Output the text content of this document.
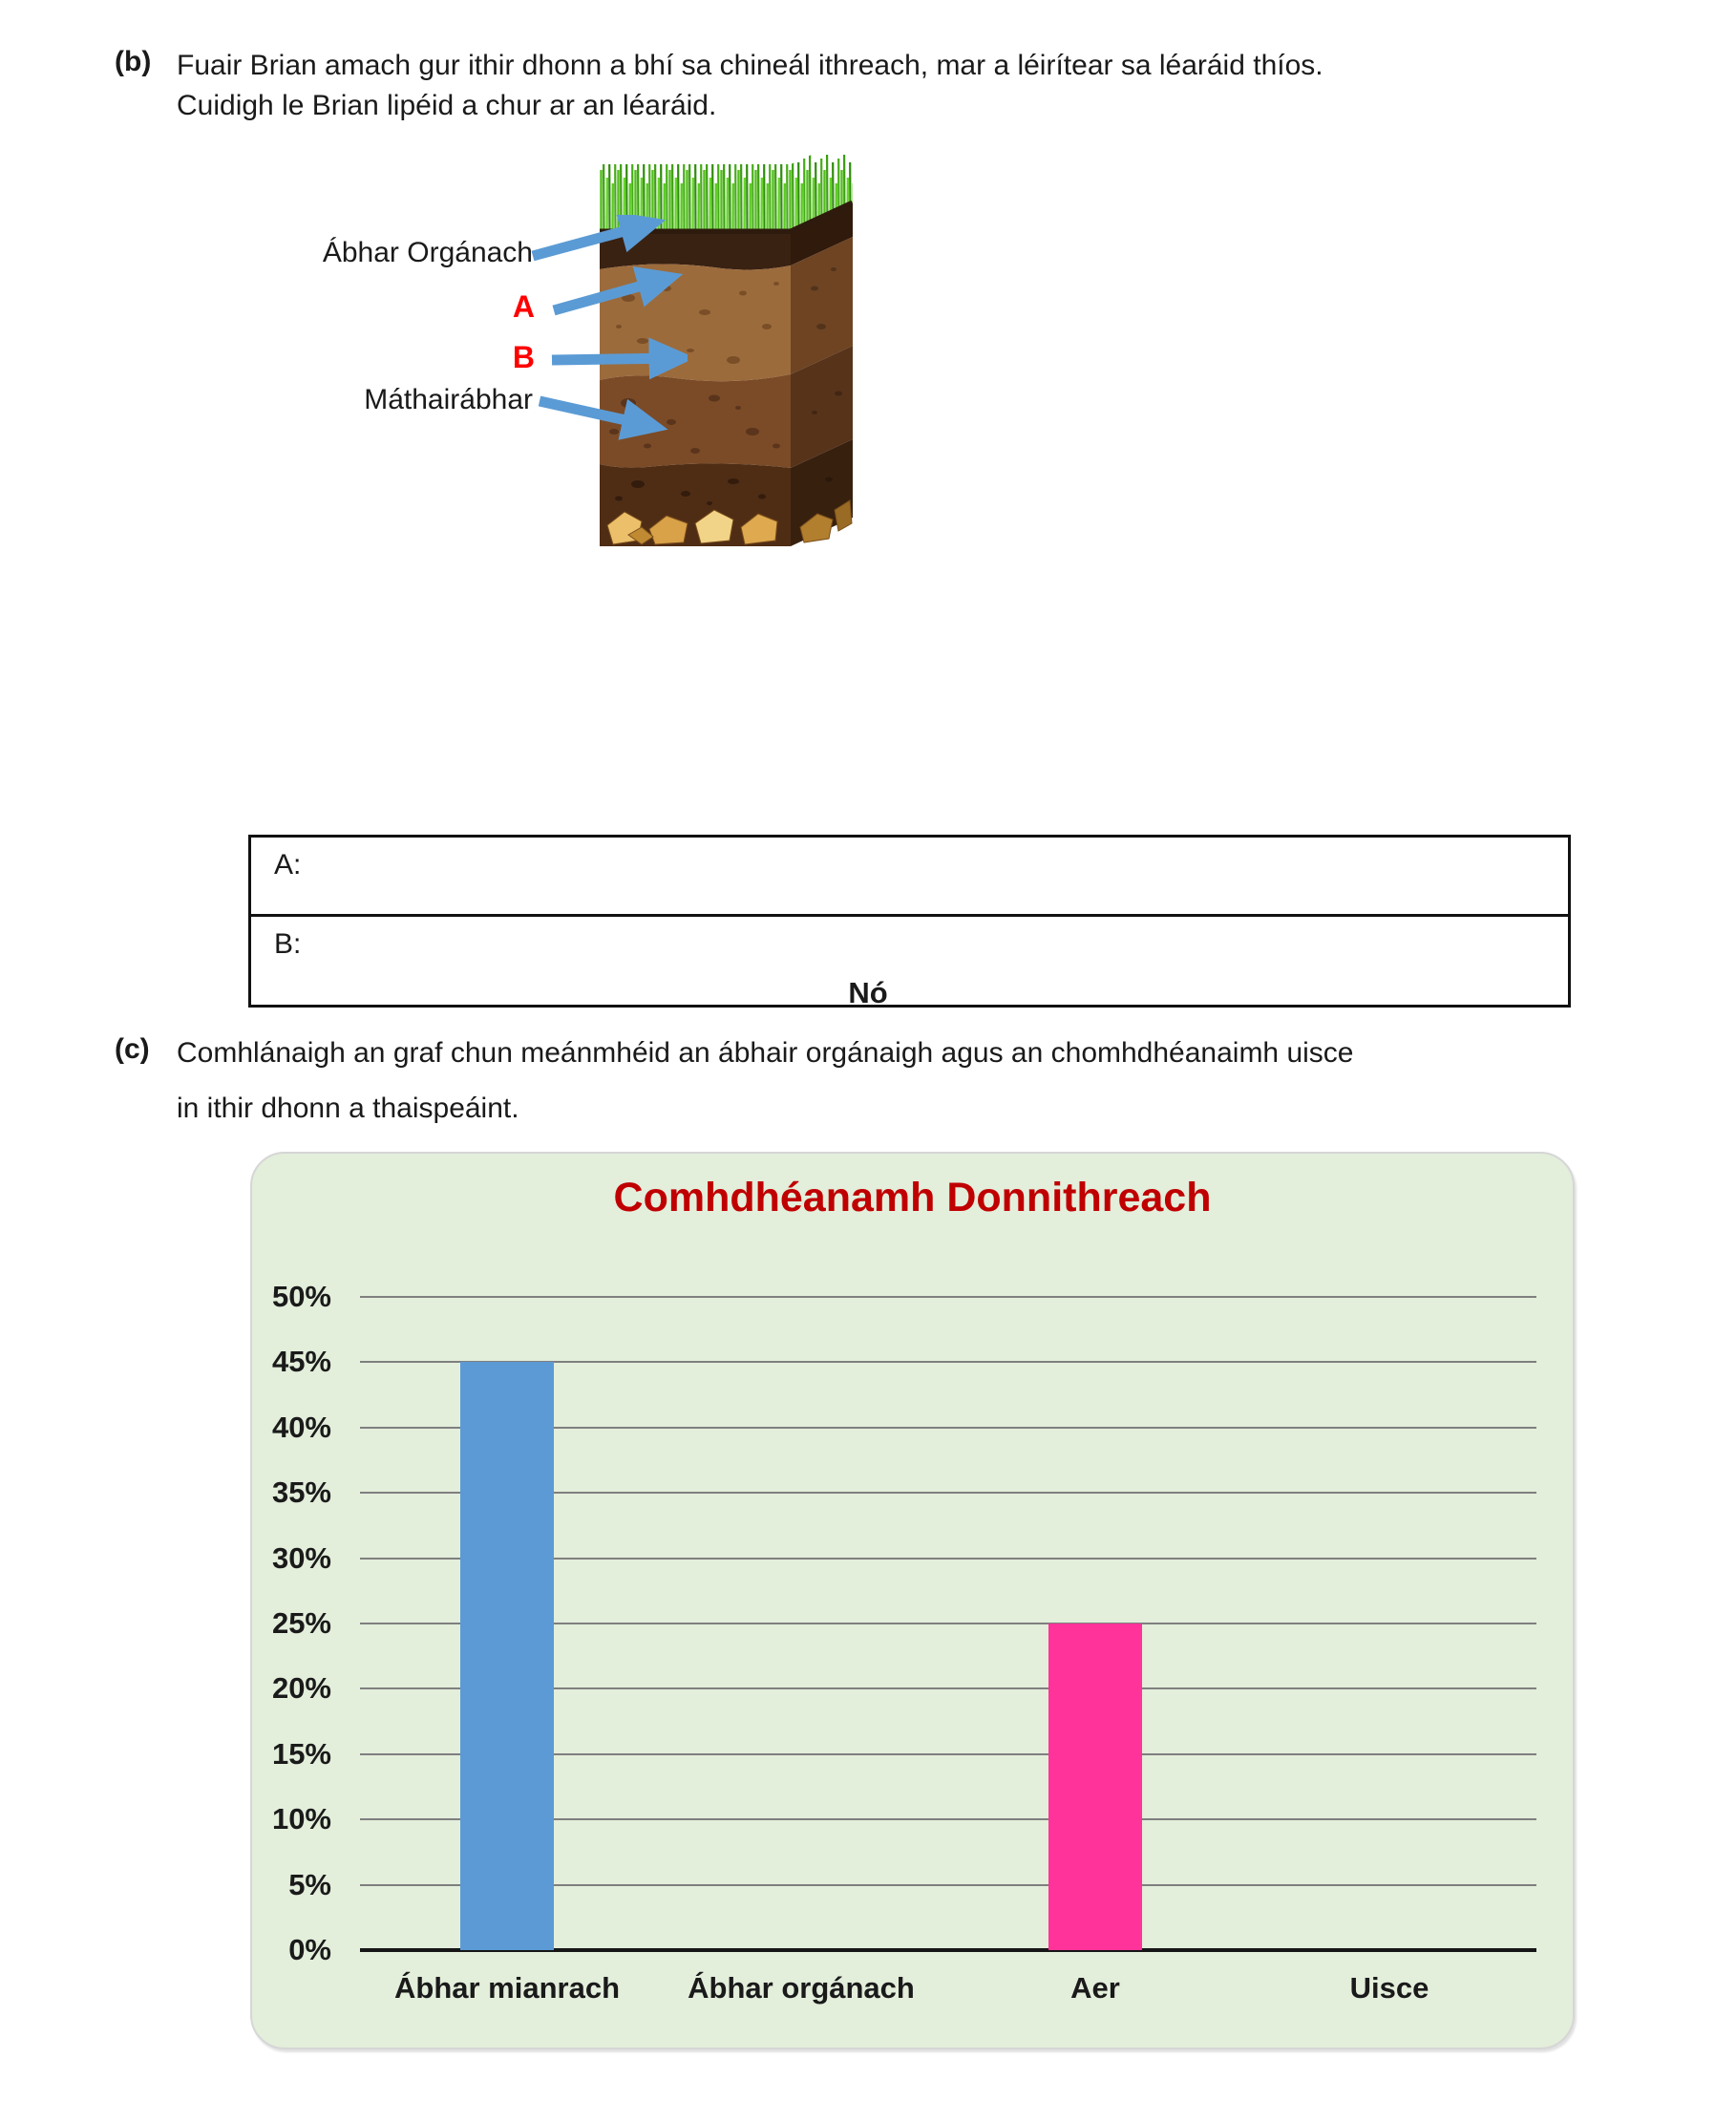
(b) Fuair Brian amach gur ithir dhonn a bhí sa chineál ithreach, mar a léirítear sa léaráid thíos.
Cuidigh le Brian lipéid a chur ar an léaráid.
Ábhar Orgánach
A
B
Máthairábhar
A:
B:
Nó
(c) Comhlánaigh an graf chun meánmhéid an ábhair orgánaigh agus an chomhdhéanaimh uisce
in ithir dhonn a thaispeáint.
Comhdhéanamh Donnithreach
0%
5%
10%
15%
20%
25%
30%
35%
40%
45%
50%
Ábhar mianrach Ábhar orgánach	Aer	Uisce
